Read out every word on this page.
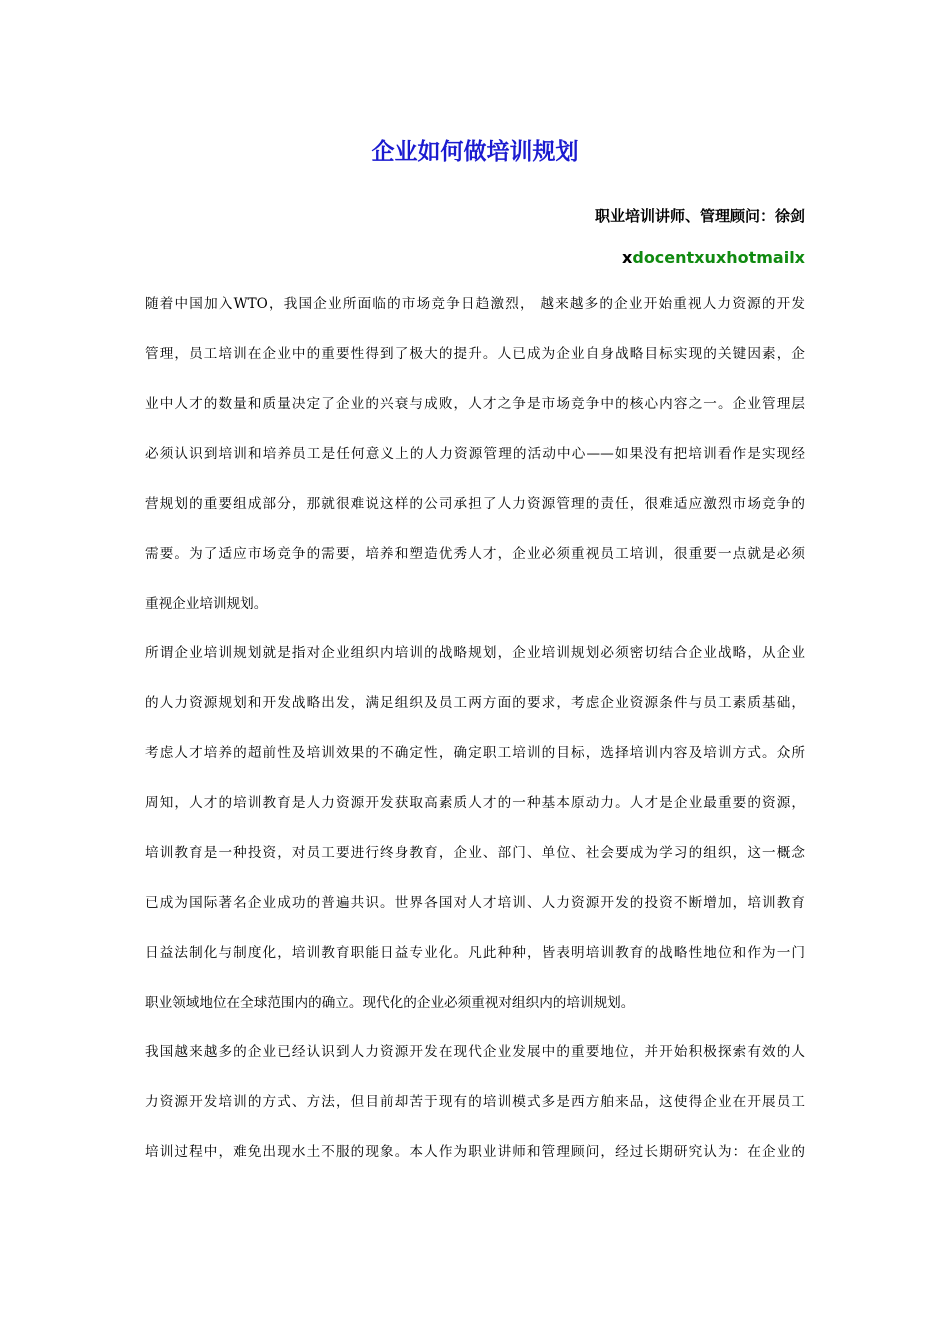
企业如何做培训规划
职业培训讲师、管理顾问：徐剑
xdocentxuxhotmailx
随着中国加入WTO，我国企业所面临的市场竞争日趋激烈， 越来越多的企业开始重视人力资源的开发
管理，员工培训在企业中的重要性得到了极大的提升。人已成为企业自身战略目标实现的关键因素，企
业中人才的数量和质量决定了企业的兴衰与成败，人才之争是市场竞争中的核心内容之一。企业管理层
必须认识到培训和培养员工是任何意义上的人力资源管理的活动中心——如果没有把培训看作是实现经
营规划的重要组成部分，那就很难说这样的公司承担了人力资源管理的责任，很难适应激烈市场竞争的
需要。为了适应市场竞争的需要，培养和塑造优秀人才，企业必须重视员工培训，很重要一点就是必须
重视企业培训规划。
所谓企业培训规划就是指对企业组织内培训的战略规划，企业培训规划必须密切结合企业战略，从企业
的人力资源规划和开发战略出发，满足组织及员工两方面的要求，考虑企业资源条件与员工素质基础，
考虑人才培养的超前性及培训效果的不确定性，确定职工培训的目标，选择培训内容及培训方式。众所
周知，人才的培训教育是人力资源开发获取高素质人才的一种基本原动力。人才是企业最重要的资源，
培训教育是一种投资，对员工要进行终身教育，企业、部门、单位、社会要成为学习的组织，这一概念
已成为国际著名企业成功的普遍共识。世界各国对人才培训、人力资源开发的投资不断增加，培训教育
日益法制化与制度化，培训教育职能日益专业化。凡此种种，皆表明培训教育的战略性地位和作为一门
职业领域地位在全球范围内的确立。现代化的企业必须重视对组织内的培训规划。
我国越来越多的企业已经认识到人力资源开发在现代企业发展中的重要地位，并开始积极探索有效的人
力资源开发培训的方式、方法，但目前却苦于现有的培训模式多是西方舶来品，这使得企业在开展员工
培训过程中，难免出现水土不服的现象。本人作为职业讲师和管理顾问，经过长期研究认为：在企业的
